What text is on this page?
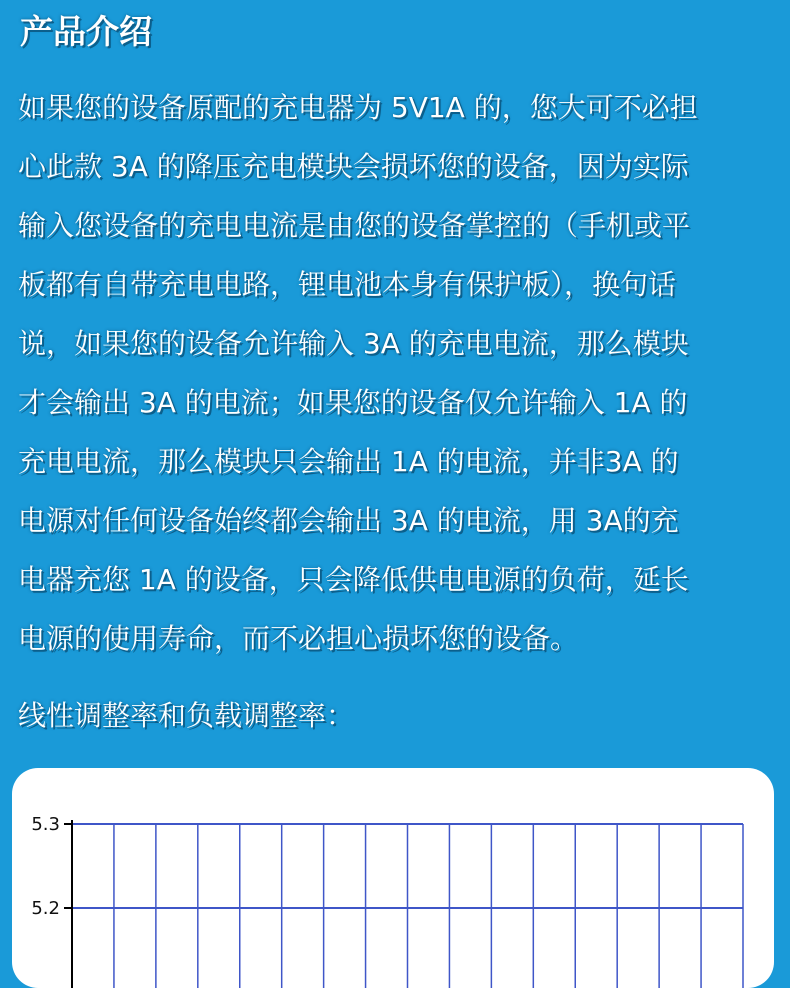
产品介绍
如果您的设备原配的充电器为 5V1A 的，您大可不必担
心此款 3A 的降压充电模块会损坏您的设备，因为实际
输入您设备的充电电流是由您的设备掌控的（手机或平
板都有自带充电电路，锂电池本身有保护板），换句话
说，如果您的设备允许输入 3A 的充电电流，那么模块
才会输出 3A 的电流；如果您的设备仅允许输入 1A 的
充电电流，那么模块只会输出 1A 的电流，并非3A 的
电源对任何设备始终都会输出 3A 的电流，用 3A的充
电器充您 1A 的设备，只会降低供电电源的负荷，延长
电源的使用寿命，而不必担心损坏您的设备。
线性调整率和负载调整率：
5.3
5.2
